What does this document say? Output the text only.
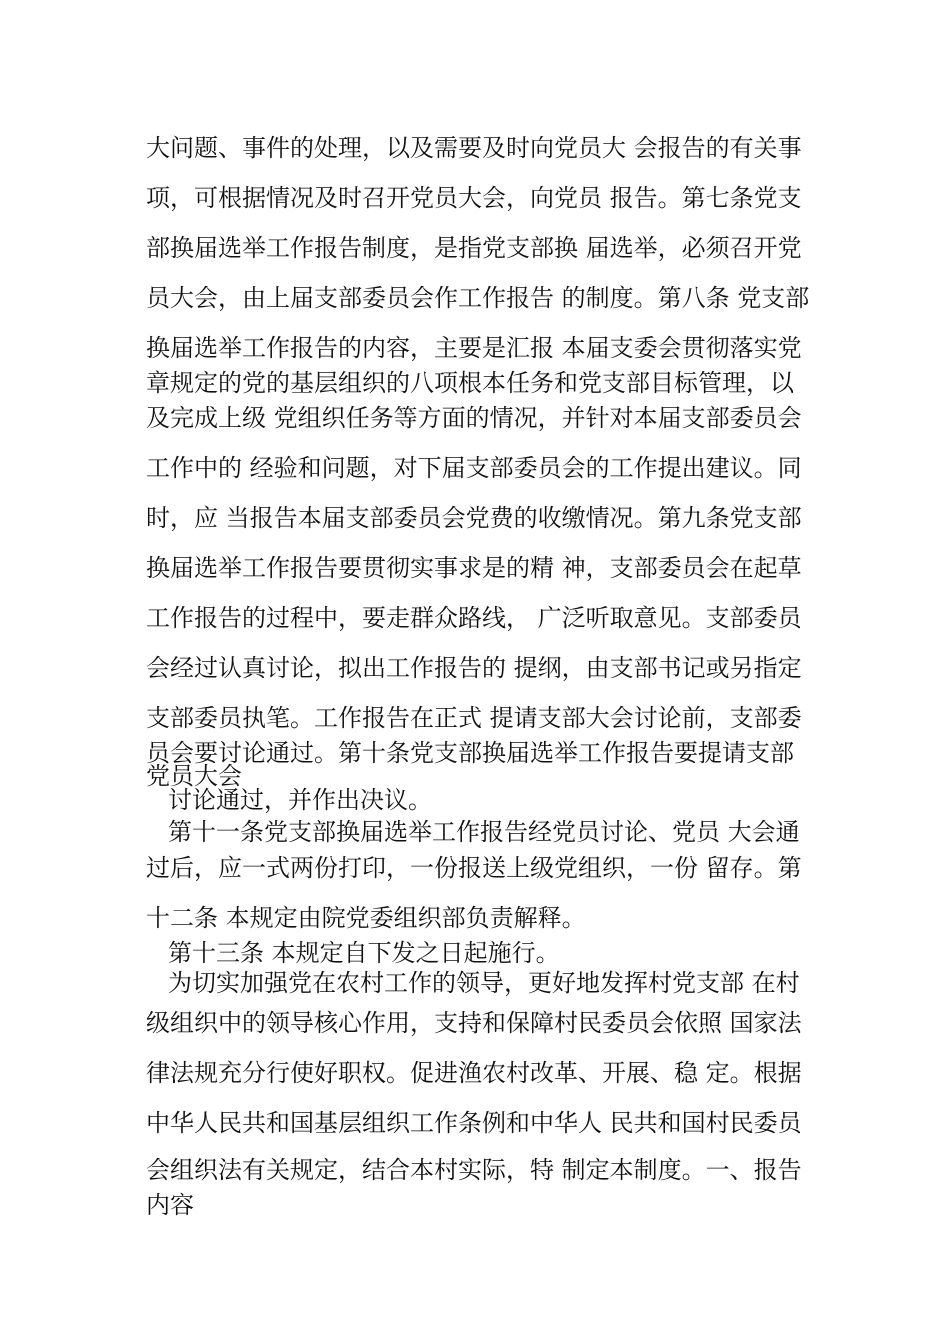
大问题、事件的处理，以及需要及时向党员大 会报告的有关事
项，可根据情况及时召开党员大会，向党员 报告。第七条党支
部换届选举工作报告制度，是指党支部换 届选举，必须召开党
员大会，由上届支部委员会作工作报告 的制度。第八条 党支部
换届选举工作报告的内容，主要是汇报 本届支委会贯彻落实党
章规定的党的基层组织的八项根本任务和党支部目标管理，以
及完成上级 党组织任务等方面的情况，并针对本届支部委员会
工作中的 经验和问题，对下届支部委员会的工作提出建议。同
时，应 当报告本届支部委员会党费的收缴情况。第九条党支部
换届选举工作报告要贯彻实事求是的精 神，支部委员会在起草
工作报告的过程中，要走群众路线， 广泛听取意见。支部委员
会经过认真讨论，拟出工作报告的 提纲，由支部书记或另指定
支部委员执笔。工作报告在正式 提请支部大会讨论前，支部委
员会要讨论通过。第十条党支部换届选举工作报告要提请支部
党员大会
讨论通过，并作出决议。
第十一条党支部换届选举工作报告经党员讨论、党员 大会通
过后，应一式两份打印，一份报送上级党组织，一份 留存。第
十二条 本规定由院党委组织部负责解释。
第十三条 本规定自下发之日起施行。
为切实加强党在农村工作的领导，更好地发挥村党支部 在村
级组织中的领导核心作用，支持和保障村民委员会依照 国家法
律法规充分行使好职权。促进渔农村改革、开展、稳 定。根据
中华人民共和国基层组织工作条例和中华人 民共和国村民委员
会组织法有关规定，结合本村实际，特 制定本制度。一、报告
内容
